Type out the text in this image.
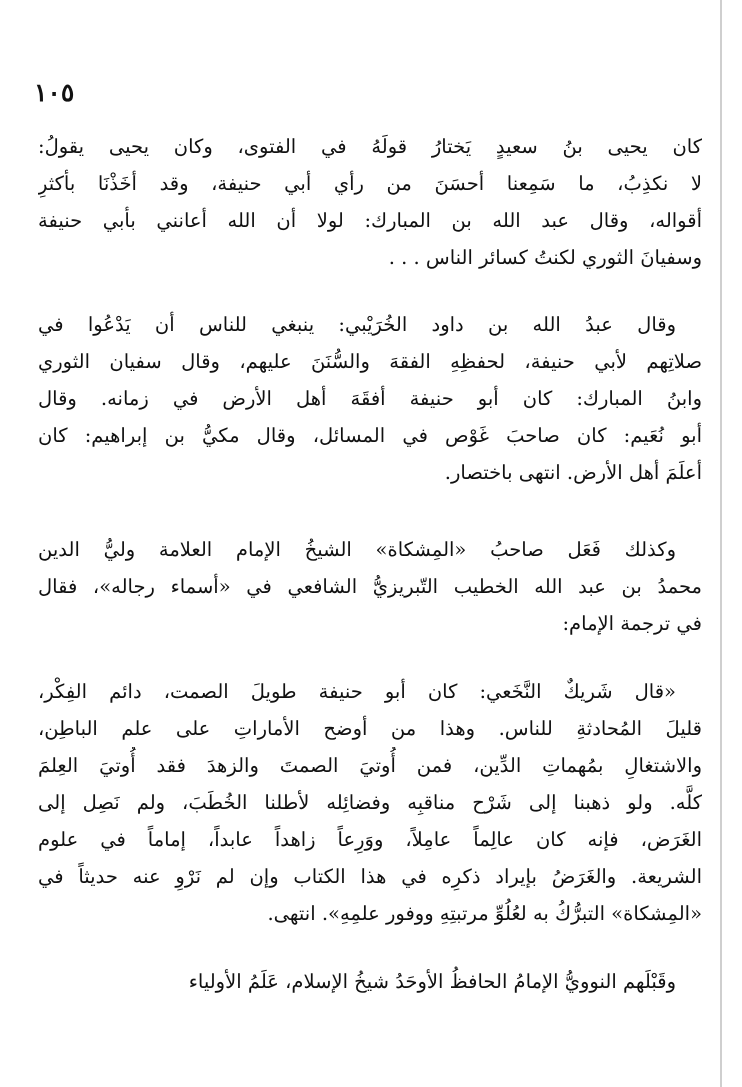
١٠٥
كان يحيى بنُ سعيدٍ يَختارُ قولَهُ في الفتوى، وكان يحيى يقولُ:
لا نكذِبُ، ما سَمِعنا أحسَنَ من رأي أبي حنيفة، وقد أخَذْنَا بأكثرِ
أقواله، وقال عبد الله بن المبارك: لولا أن الله أعانني بأبي حنيفة
وسفيانَ الثوري لكنتُ كسائر الناس . . .
وقال عبدُ الله بن داود الخُرَيْبي: ينبغي للناس أن يَدْعُوا في
صلاتِهم لأبي حنيفة، لحفظِهِ الفقهَ والسُّنَنَ عليهم، وقال سفيان الثوري
وابنُ المبارك: كان أبو حنيفة أفقَهَ أهل الأرض في زمانه. وقال
أبو نُعَيم: كان صاحبَ غَوْص في المسائل، وقال مكيُّ بن إبراهيم: كان
أعلَمَ أهل الأرض. انتهى باختصار.
وكذلك فَعَل صاحبُ «المِشكاة» الشيخُ الإمام العلامة وليُّ الدين
محمدُ بن عبد الله الخطيب التّبريزيُّ الشافعي في «أسماء رجاله»، فقال
في ترجمة الإمام:
«قال شَريكٌ النَّخَعي: كان أبو حنيفة طويلَ الصمت، دائم الفِكْر،
قليلَ المُحادثةِ للناس. وهذا من أوضح الأماراتِ على علم الباطِن،
والاشتغالِ بمُهماتِ الدِّين، فمن أُوتيَ الصمتَ والزهدَ فقد أُوتيَ العِلمَ
كلَّه. ولو ذهبنا إلى شَرْح مناقبِه وفضائِله لأطلنا الخُطَبَ، ولم نَصِل إلى
الغَرَض، فإنه كان عالِماً عامِلاً، ووَرِعاً زاهداً عابداً، إماماً في علوم
الشريعة. والغَرَضُ بإيراد ذكرِه في هذا الكتاب وإن لم نَرْوِ عنه حديثاً في
«المِشكاة» التبرُّكُ به لعُلُوِّ مرتبتِهِ ووفور علمِهِ». انتهى.
وقَبْلَهم النوويُّ الإمامُ الحافظُ الأوحَدُ شيخُ الإسلام، عَلَمُ الأولياء
